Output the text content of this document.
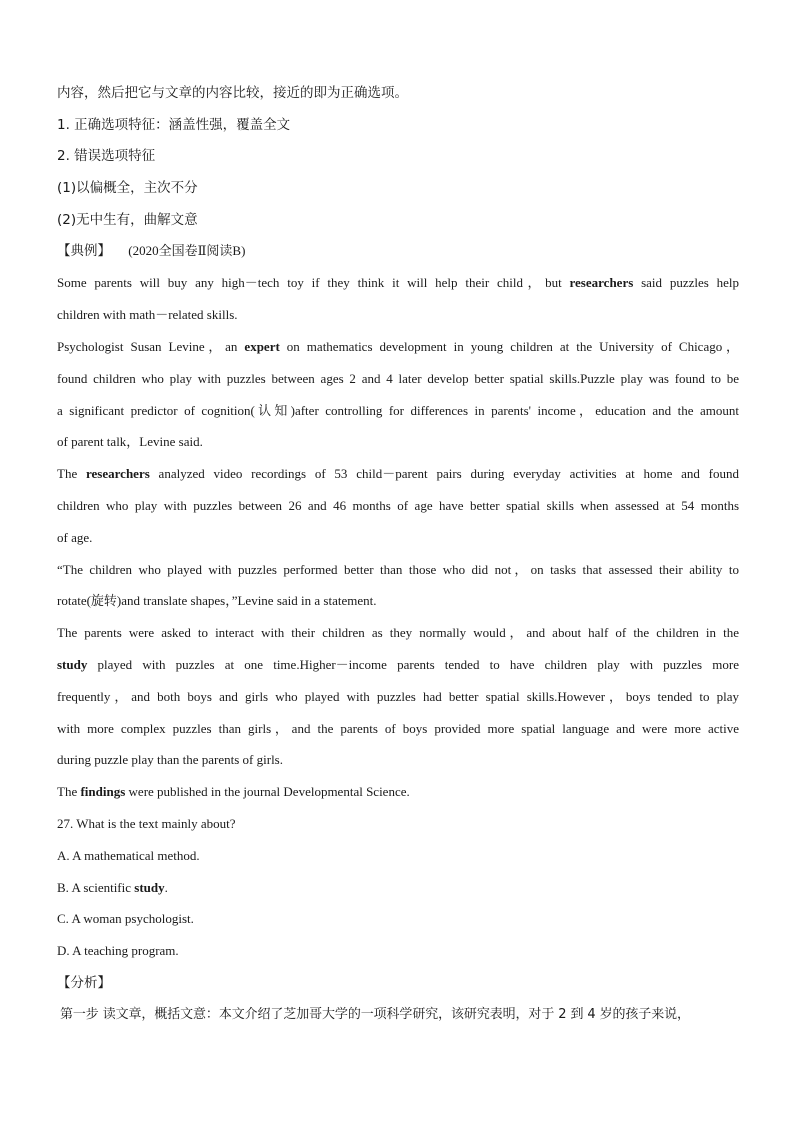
内容，然后把它与文章的内容比较，接近的即为正确选项。
1. 正确选项特征：涵盖性强，覆盖全文
2. 错误选项特征
(1)以偏概全，主次不分
(2)无中生有，曲解文意
【典例】 (2020全国卷Ⅱ阅读B)
Some parents will buy any high－tech toy if they think it will help their child，but researchers said puzzles help
children with math－related skills.
Psychologist Susan Levine，an expert on mathematics development in young children at the University of Chicago，
found children who play with puzzles between ages 2 and 4 later develop better spatial skills.Puzzle play was found to be
a significant predictor of cognition(认知)after controlling for differences in parents' income，education and the amount
of parent talk，Levine said.
The researchers analyzed video recordings of 53 child－parent pairs during everyday activities at home and found
children who play with puzzles between 26 and 46 months of age have better spatial skills when assessed at 54 months
of age.
“The children who played with puzzles performed better than those who did not，on tasks that assessed their ability to
rotate(旋转)and translate shapes，”Levine said in a statement.
The parents were asked to interact with their children as they normally would，and about half of the children in the
study played with puzzles at one time.Higher－income parents tended to have children play with puzzles more
frequently，and both boys and girls who played with puzzles had better spatial skills.However，boys tended to play
with more complex puzzles than girls，and the parents of boys provided more spatial language and were more active
during puzzle play than the parents of girls.
The findings were published in the journal Developmental Science.
27. What is the text mainly about?
A. A mathematical method.
B. A scientific study.
C. A woman psychologist.
D. A teaching program.
【分析】
第一步 读文章，概括文意：本文介绍了芝加哥大学的一项科学研究，该研究表明，对于 2 到 4 岁的孩子来说，
